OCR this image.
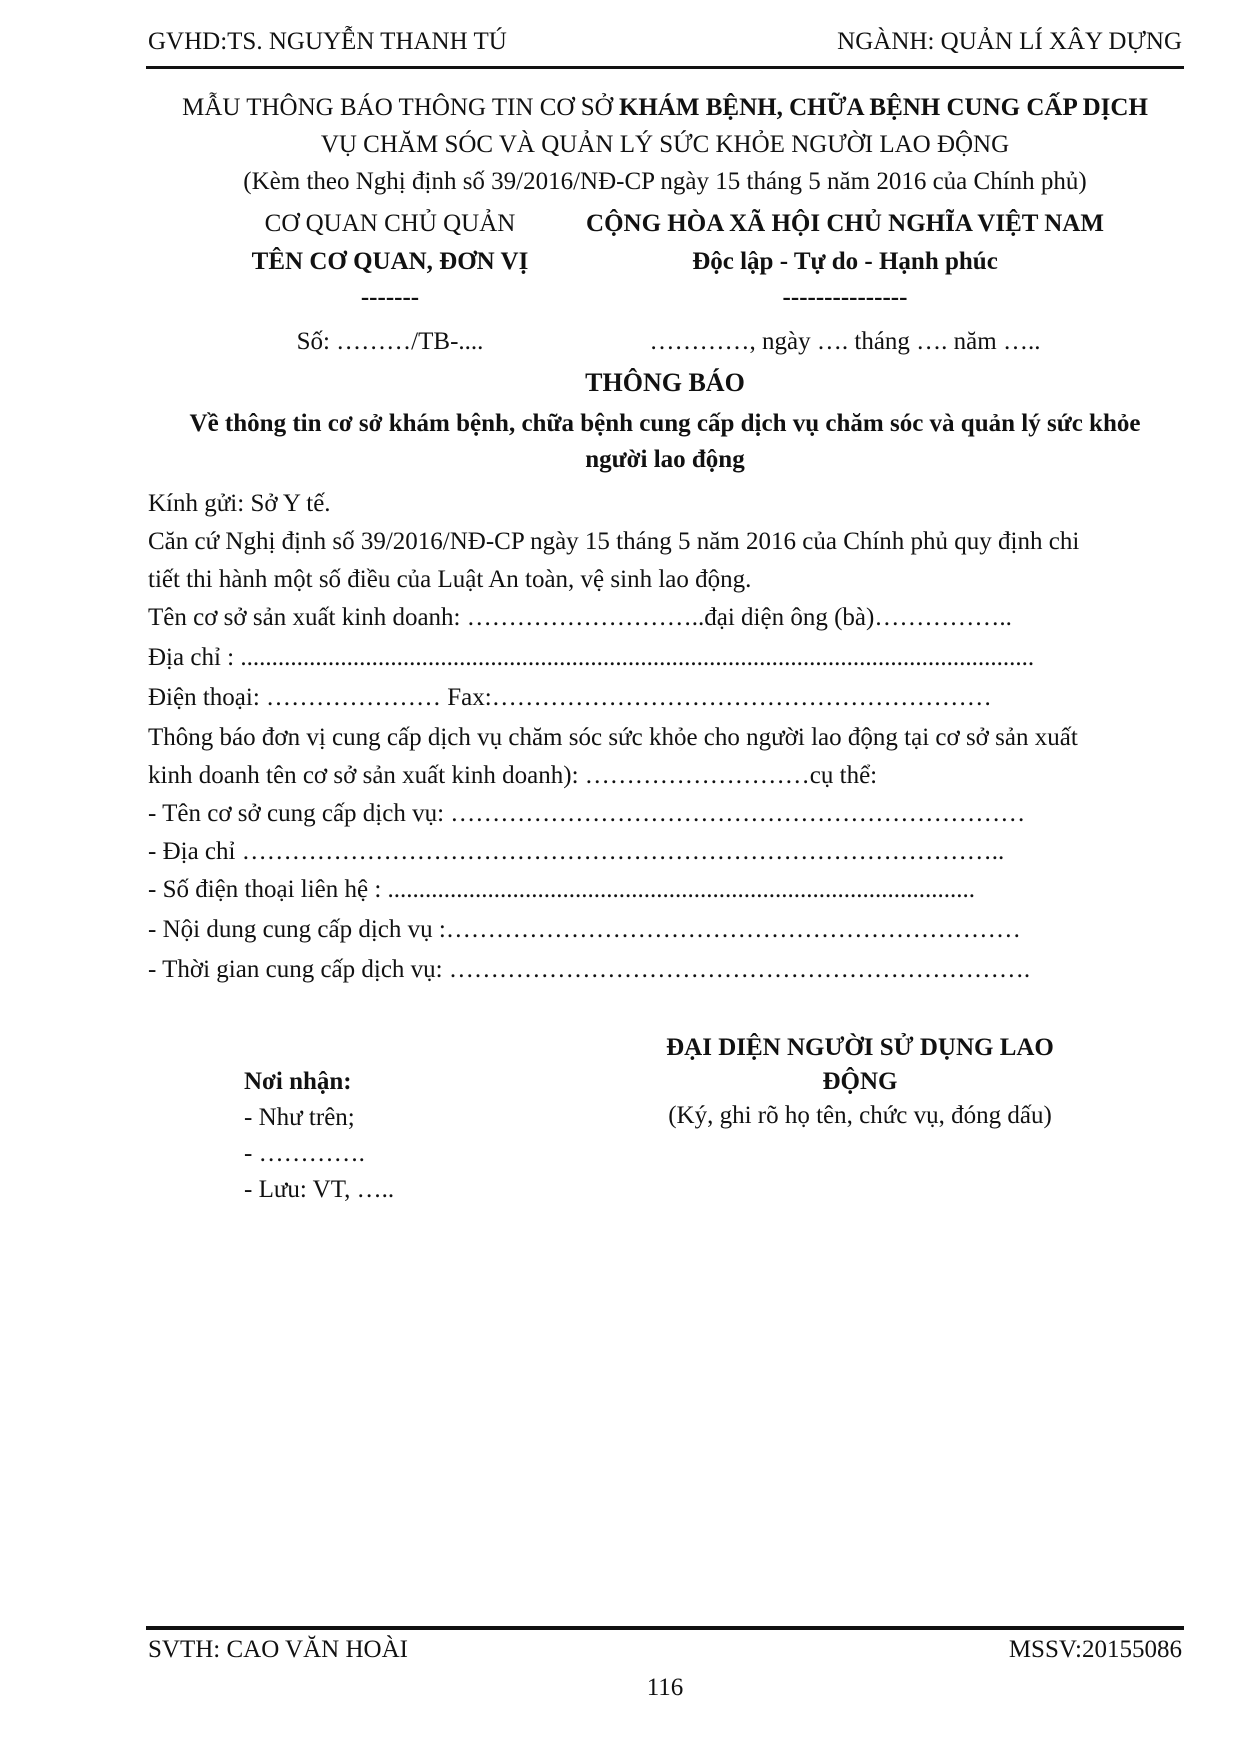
GVHD:TS. NGUYỄN THANH TÚ	NGÀNH: QUẢN LÍ XÂY DỰNG
MẪU THÔNG BÁO THÔNG TIN CƠ SỞ KHÁM BỆNH, CHỮA BỆNH CUNG CẤP DỊCH
VỤ CHĂM SÓC VÀ QUẢN LÝ SỨC KHỎE NGƯỜI LAO ĐỘNG
(Kèm theo Nghị định số 39/2016/NĐ-CP ngày 15 tháng 5 năm 2016 của Chính phủ)
CƠ QUAN CHỦ QUẢN
TÊN CƠ QUAN, ĐƠN VỊ
-------
Số: ………/TB-....
CỘNG HÒA XÃ HỘI CHỦ NGHĨA VIỆT NAM
Độc lập - Tự do - Hạnh phúc
---------------
…………, ngày …. tháng …. năm …..
THÔNG BÁO
Về thông tin cơ sở khám bệnh, chữa bệnh cung cấp dịch vụ chăm sóc và quản lý sức khỏe
người lao động
Kính gửi: Sở Y tế.
Căn cứ Nghị định số 39/2016/NĐ-CP ngày 15 tháng 5 năm 2016 của Chính phủ quy định chi
tiết thi hành một số điều của Luật An toàn, vệ sinh lao động.
Tên cơ sở sản xuất kinh doanh: ………………………..đại diện ông (bà)……………..
Địa chỉ : ...............................................................................................................................
Điện thoại: ………………… Fax:……………………………………………………
Thông báo đơn vị cung cấp dịch vụ chăm sóc sức khỏe cho người lao động tại cơ sở sản xuất
kinh doanh tên cơ sở sản xuất kinh doanh): ………………………cụ thể:
- Tên cơ sở cung cấp dịch vụ: ……………………………………………………………
- Địa chỉ ………………………………………………………………………………..
- Số điện thoại liên hệ : ..............................................................................................
- Nội dung cung cấp dịch vụ :……………………………………………………………
- Thời gian cung cấp dịch vụ: …………………………………………………………….
Nơi nhận:
- Như trên;
- ………….
- Lưu: VT, …..
ĐẠI DIỆN NGƯỜI SỬ DỤNG LAO
ĐỘNG
(Ký, ghi rõ họ tên, chức vụ, đóng dấu)
SVTH: CAO VĂN HOÀI	MSSV:20155086
116
